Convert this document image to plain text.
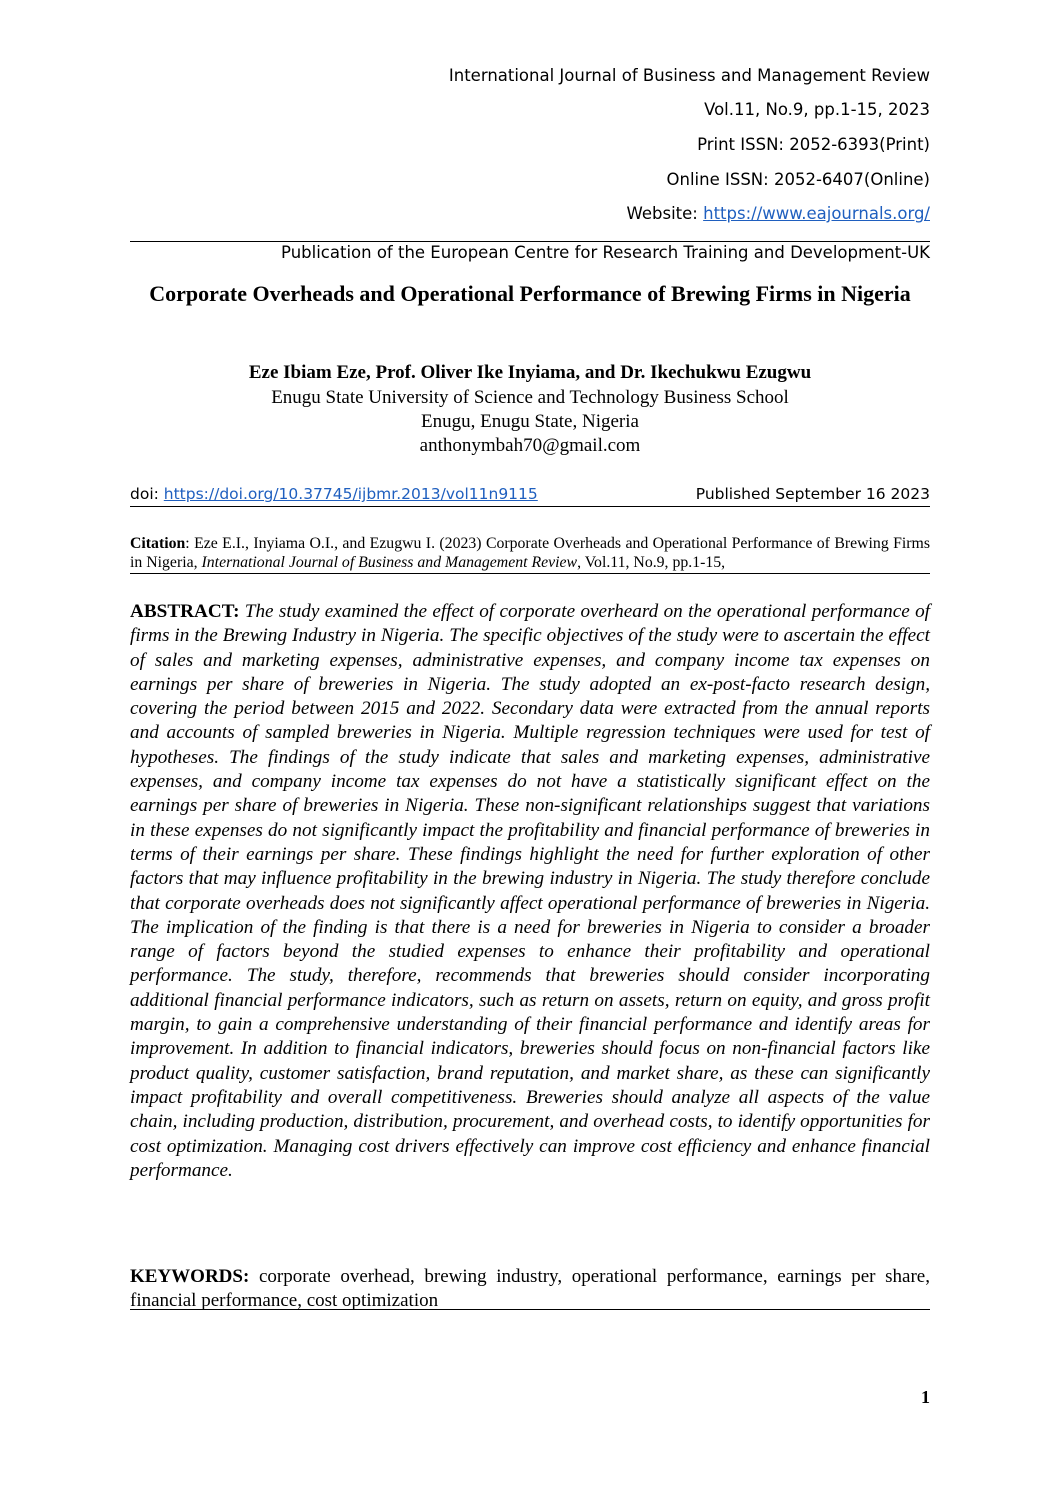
International Journal of Business and Management Review
Vol.11, No.9, pp.1-15, 2023
Print ISSN: 2052-6393(Print)
Online ISSN: 2052-6407(Online)
Website: https://www.eajournals.org/
Publication of the European Centre for Research Training and Development-UK
Corporate Overheads and Operational Performance of Brewing Firms in Nigeria
Eze Ibiam Eze, Prof. Oliver Ike Inyiama, and Dr. Ikechukwu Ezugwu
Enugu State University of Science and Technology Business School
Enugu, Enugu State, Nigeria
anthonymbah70@gmail.com
doi: https://doi.org/10.37745/ijbmr.2013/vol11n9115	Published September 16 2023
Citation: Eze E.I., Inyiama O.I., and Ezugwu I. (2023) Corporate Overheads and Operational Performance of Brewing Firms in Nigeria, International Journal of Business and Management Review, Vol.11, No.9, pp.1-15,
ABSTRACT: The study examined the effect of corporate overheard on the operational performance of firms in the Brewing Industry in Nigeria. The specific objectives of the study were to ascertain the effect of sales and marketing expenses, administrative expenses, and company income tax expenses on earnings per share of breweries in Nigeria. The study adopted an ex-post-facto research design, covering the period between 2015 and 2022. Secondary data were extracted from the annual reports and accounts of sampled breweries in Nigeria. Multiple regression techniques were used for test of hypotheses. The findings of the study indicate that sales and marketing expenses, administrative expenses, and company income tax expenses do not have a statistically significant effect on the earnings per share of breweries in Nigeria. These non-significant relationships suggest that variations in these expenses do not significantly impact the profitability and financial performance of breweries in terms of their earnings per share. These findings highlight the need for further exploration of other factors that may influence profitability in the brewing industry in Nigeria. The study therefore conclude that corporate overheads does not significantly affect operational performance of breweries in Nigeria. The implication of the finding is that there is a need for breweries in Nigeria to consider a broader range of factors beyond the studied expenses to enhance their profitability and operational performance. The study, therefore, recommends that breweries should consider incorporating additional financial performance indicators, such as return on assets, return on equity, and gross profit margin, to gain a comprehensive understanding of their financial performance and identify areas for improvement. In addition to financial indicators, breweries should focus on non-financial factors like product quality, customer satisfaction, brand reputation, and market share, as these can significantly impact profitability and overall competitiveness. Breweries should analyze all aspects of the value chain, including production, distribution, procurement, and overhead costs, to identify opportunities for cost optimization. Managing cost drivers effectively can improve cost efficiency and enhance financial performance.
KEYWORDS: corporate overhead, brewing industry, operational performance, earnings per share, financial performance, cost optimization
1
